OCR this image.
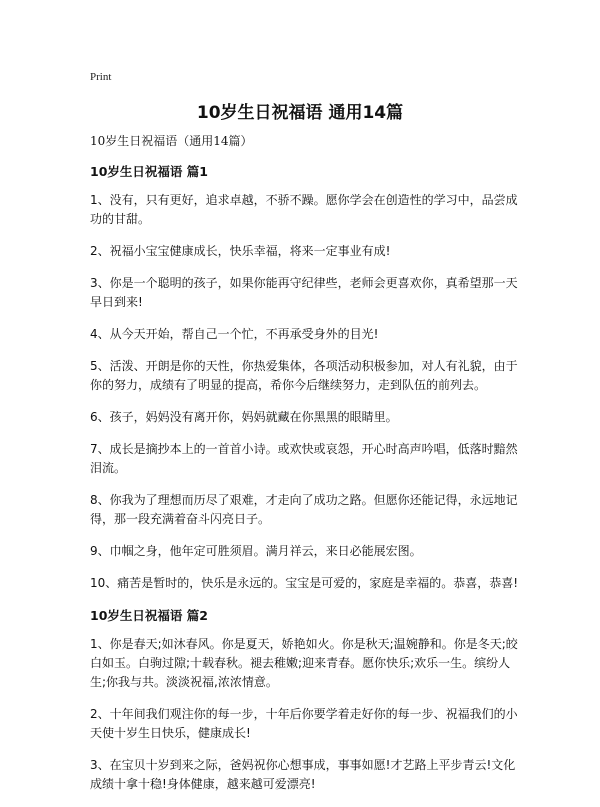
Print
10岁生日祝福语 通用14篇
10岁生日祝福语（通用14篇）
10岁生日祝福语 篇1

1、没有，只有更好，追求卓越，不骄不躁。愿你学会在创造性的学习中，品尝成功的甘甜。

2、祝福小宝宝健康成长，快乐幸福，将来一定事业有成!

3、你是一个聪明的孩子，如果你能再守纪律些，老师会更喜欢你，真希望那一天早日到来!

4、从今天开始，帮自己一个忙，不再承受身外的目光!

5、活泼、开朗是你的天性，你热爱集体，各项活动积极参加，对人有礼貌，由于你的努力，成绩有了明显的提高，希你今后继续努力，走到队伍的前列去。

6、孩子，妈妈没有离开你，妈妈就藏在你黑黑的眼睛里。

7、成长是摘抄本上的一首首小诗。或欢快或哀怨，开心时高声吟唱，低落时黯然泪流。

8、你我为了理想而历尽了艰难，才走向了成功之路。但愿你还能记得，永远地记得，那一段充满着奋斗闪亮日子。

9、巾帼之身，他年定可胜须眉。满月祥云，来日必能展宏图。

10、痛苦是暂时的，快乐是永远的。宝宝是可爱的，家庭是幸福的。恭喜，恭喜!

10岁生日祝福语 篇2

1、你是春天;如沐春风。你是夏天，娇艳如火。你是秋天;温婉静和。你是冬天;皎白如玉。白驹过隙;十载春秋。褪去稚嫩;迎来青春。愿你快乐;欢乐一生。缤纷人生;你我与共。淡淡祝福,浓浓情意。

2、十年间我们观注你的每一步，十年后你要学着走好你的每一步、祝福我们的小天使十岁生日快乐，健康成长!

3、在宝贝十岁到来之际，爸妈祝你心想事成，事事如愿!才艺路上平步青云!文化成绩十拿十稳!身体健康，越来越可爱漂亮!
